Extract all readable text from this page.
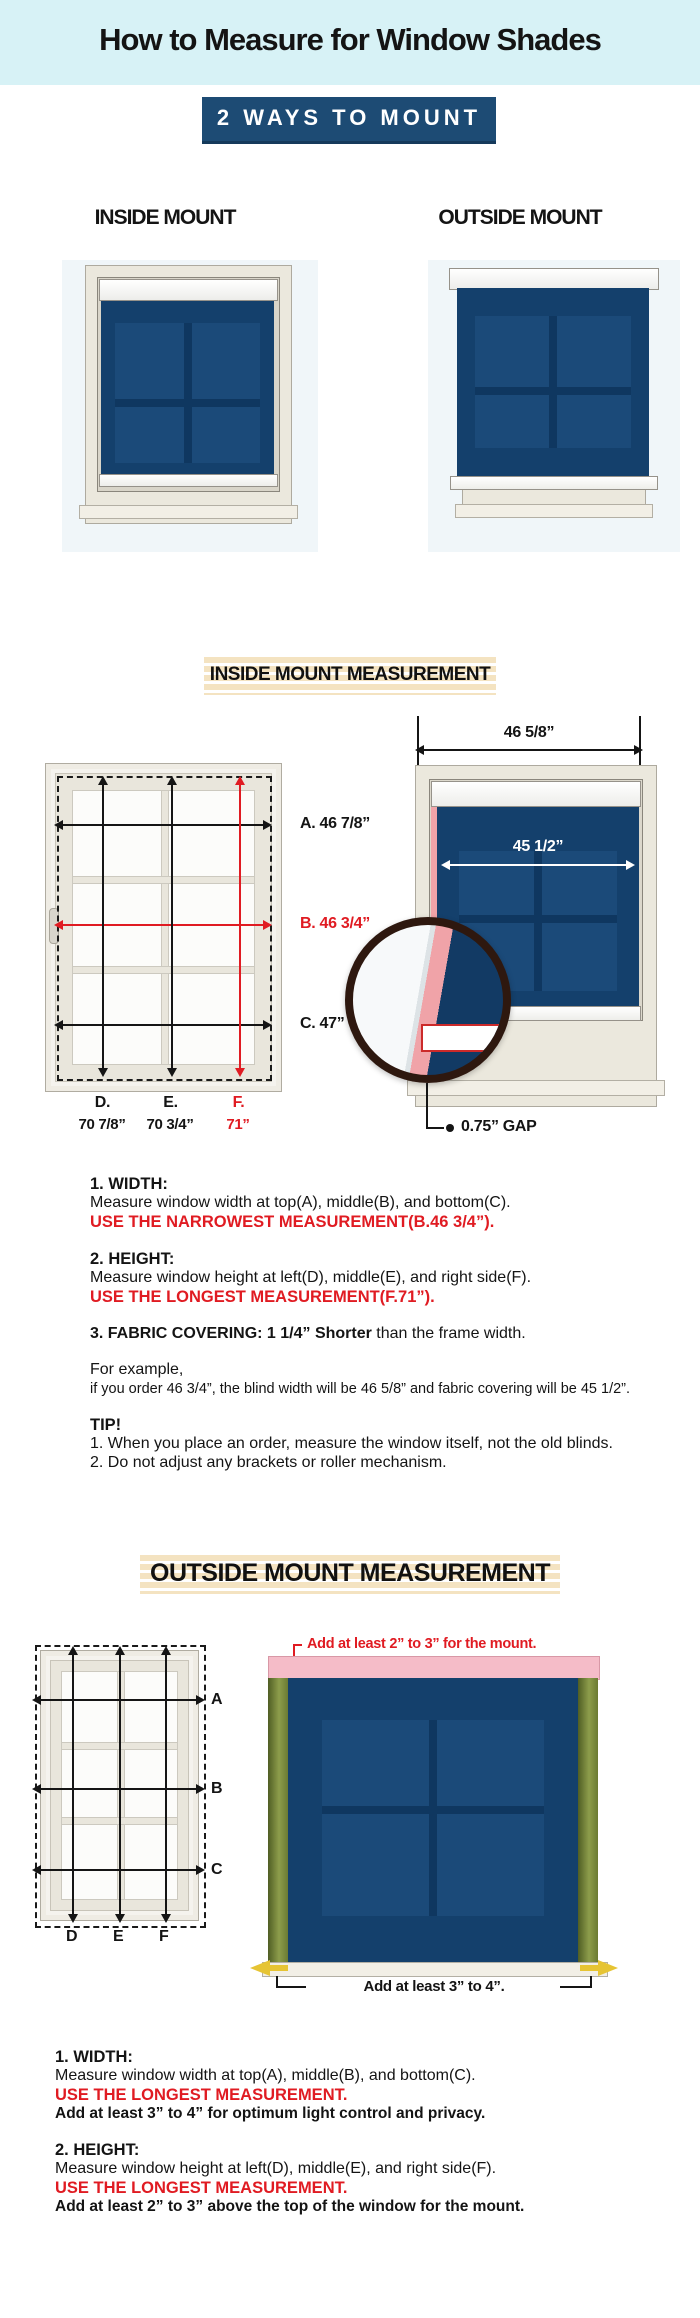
How to Measure for Window Shades
2 WAYS TO MOUNT
INSIDE MOUNT	OUTSIDE MOUNT
INSIDE MOUNT MEASUREMENT
A. 46 7/8”
B. 46 3/4”
C. 47”
D.	E.	F.
70 7/8”	70 3/4”	71”
46 5/8”
45 1/2”
0.75” GAP
1. WIDTH:
Measure window width at top(A), middle(B), and bottom(C).
USE THE NARROWEST MEASUREMENT(B.46 3/4”).
2. HEIGHT:
Measure window height at left(D), middle(E), and right side(F).
USE THE LONGEST MEASUREMENT(F.71”).
3. FABRIC COVERING: 1 1/4” Shorter than the frame width.
For example,
if you order 46 3/4”, the blind width will be 46 5/8” and fabric covering will be 45 1/2”.
TIP!
1. When you place an order, measure the window itself, not the old blinds.
2. Do not adjust any brackets or roller mechanism.
OUTSIDE MOUNT MEASUREMENT
A
B
C
D E F
Add at least 2” to 3” for the mount.
Add at least 3” to 4”.
1. WIDTH:
Measure window width at top(A), middle(B), and bottom(C).
USE THE LONGEST MEASUREMENT.
Add at least 3” to 4” for optimum light control and privacy.
2. HEIGHT:
Measure window height at left(D), middle(E), and right side(F).
USE THE LONGEST MEASUREMENT.
Add at least 2” to 3” above the top of the window for the mount.
